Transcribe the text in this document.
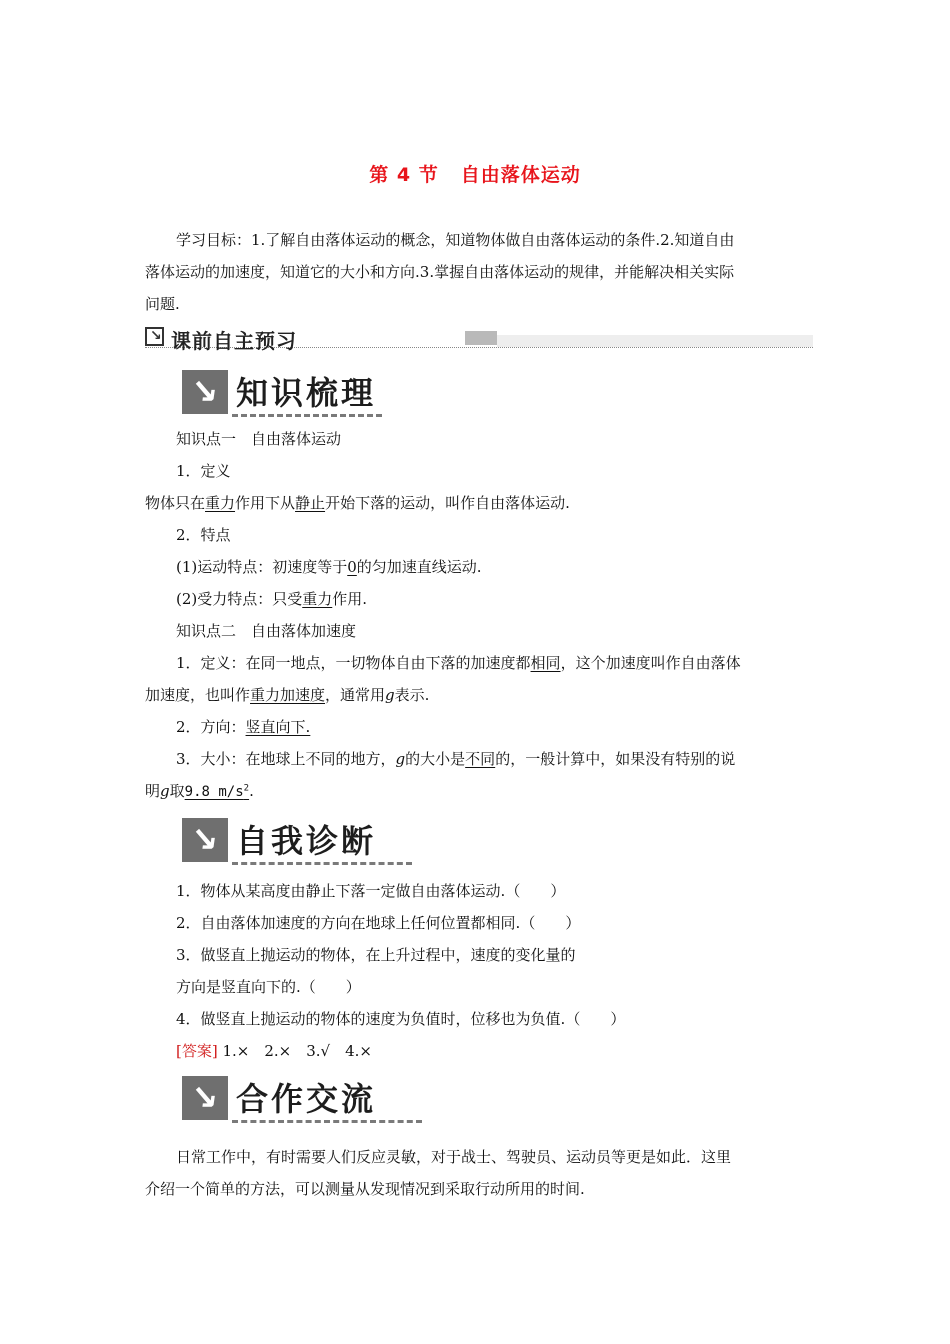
第 4 节 自由落体运动
学习目标：1.了解自由落体运动的概念，知道物体做自由落体运动的条件.2.知道自由
落体运动的加速度，知道它的大小和方向.3.掌握自由落体运动的规律，并能解决相关实际
问题.
↘ 课前自主预习
↘ 知识梳理
知识点一　自由落体运动
1．定义
物体只在重力作用下从静止开始下落的运动，叫作自由落体运动.
2．特点
(1)运动特点：初速度等于0的匀加速直线运动.
(2)受力特点：只受重力作用.
知识点二　自由落体加速度
1．定义：在同一地点，一切物体自由下落的加速度都相同，这个加速度叫作自由落体
加速度，也叫作重力加速度，通常用g表示.
2．方向：竖直向下.
3．大小：在地球上不同的地方，g的大小是不同的，一般计算中，如果没有特别的说
明g取9.8 $m/s^2$.
↘ 自我诊断
1．物体从某高度由静止下落一定做自由落体运动.（　　）
2．自由落体加速度的方向在地球上任何位置都相同.（　　）
3．做竖直上抛运动的物体，在上升过程中，速度的变化量的
方向是竖直向下的.（　　）
4．做竖直上抛运动的物体的速度为负值时，位移也为负值.（　　）
[答案] 1.×　2.×　3.√　4.×
↘ 合作交流
日常工作中，有时需要人们反应灵敏，对于战士、驾驶员、运动员等更是如此．这里
介绍一个简单的方法，可以测量从发现情况到采取行动所用的时间.
